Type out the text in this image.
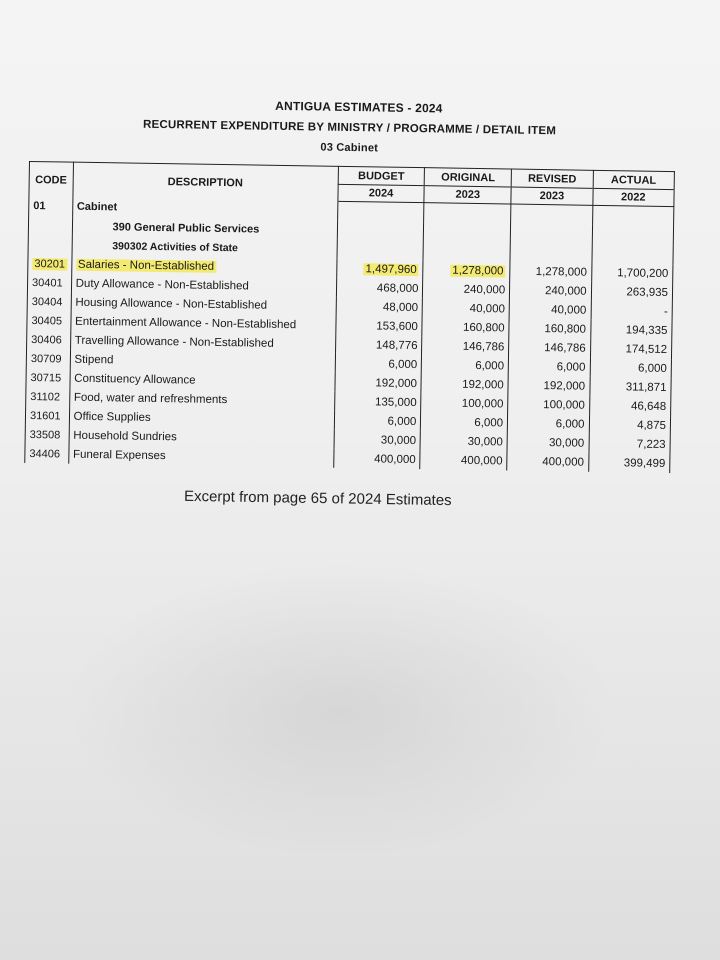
ANTIGUA ESTIMATES - 2024
RECURRENT EXPENDITURE BY MINISTRY / PROGRAMME / DETAIL ITEM
03 Cabinet
CODE	DESCRIPTION	BUDGET	ORIGINAL	REVISED	ACTUAL
		2024	2023	2023	2022
01	Cabinet				
	390 General Public Services				
	390302 Activities of State				
30201	Salaries - Non-Established	1,497,960	1,278,000	1,278,000	1,700,200
30401	Duty Allowance - Non-Established	468,000	240,000	240,000	263,935
30404	Housing Allowance - Non-Established	48,000	40,000	40,000	-
30405	Entertainment Allowance - Non-Established	153,600	160,800	160,800	194,335
30406	Travelling Allowance - Non-Established	148,776	146,786	146,786	174,512
30709	Stipend	6,000	6,000	6,000	6,000
30715	Constituency Allowance	192,000	192,000	192,000	311,871
31102	Food, water and refreshments	135,000	100,000	100,000	46,648
31601	Office Supplies	6,000	6,000	6,000	4,875
33508	Household Sundries	30,000	30,000	30,000	7,223
34406	Funeral Expenses	400,000	400,000	400,000	399,499
Excerpt from page 65 of 2024 Estimates
